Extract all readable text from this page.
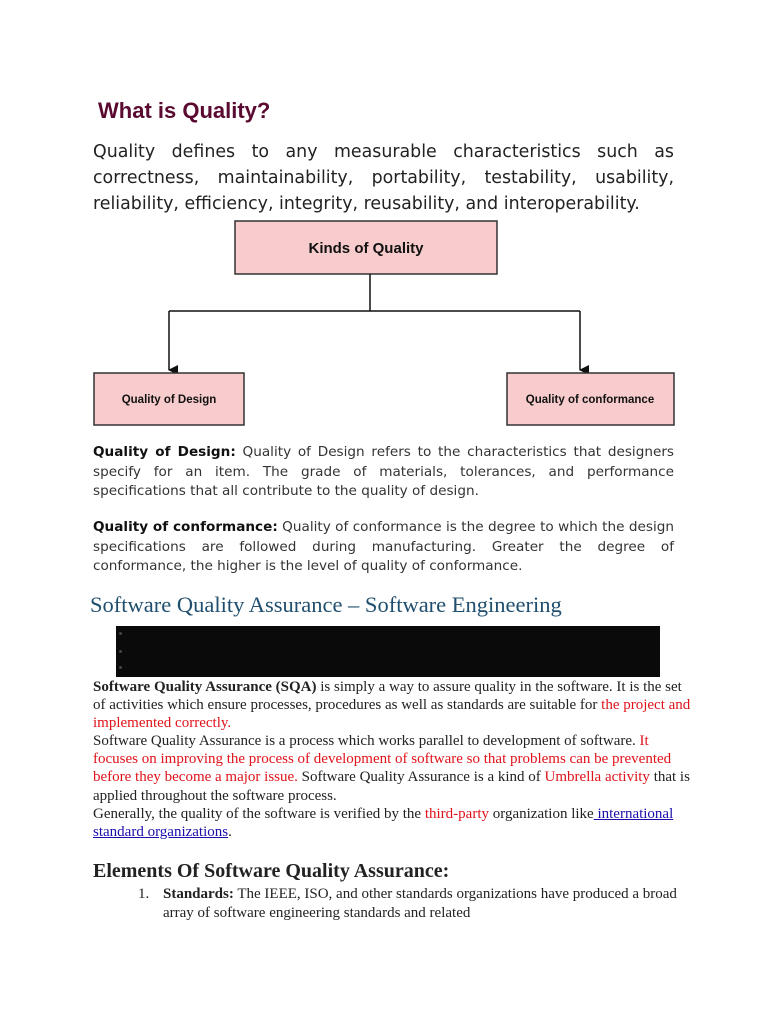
What is Quality?

Quality defines to any measurable characteristics such as correctness, maintainability, portability, testability, usability, reliability, efficiency, integrity, reusability, and interoperability.

Kinds of Quality
Quality of Design	Quality of conformance

Quality of Design: Quality of Design refers to the characteristics that designers specify for an item. The grade of materials, tolerances, and performance specifications that all contribute to the quality of design.

Quality of conformance: Quality of conformance is the degree to which the design specifications are followed during manufacturing. Greater the degree of conformance, the higher is the level of quality of conformance.

Software Quality Assurance – Software Engineering

Software Quality Assurance (SQA) is simply a way to assure quality in the software. It is the set of activities which ensure processes, procedures as well as standards are suitable for the project and implemented correctly.

Software Quality Assurance is a process which works parallel to development of software. It focuses on improving the process of development of software so that problems can be prevented before they become a major issue. Software Quality Assurance is a kind of Umbrella activity that is applied throughout the software process.

Generally, the quality of the software is verified by the third-party organization like international standard organizations.

Elements Of Software Quality Assurance:
1. Standards: The IEEE, ISO, and other standards organizations have produced a broad array of software engineering standards and related
